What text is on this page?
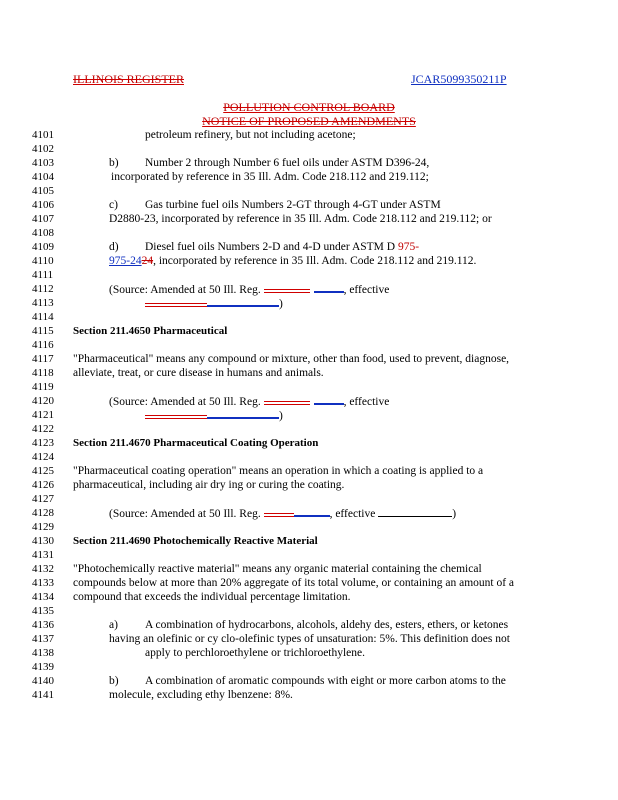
ILLINOIS REGISTER	JCAR5099350211P
POLLUTION CONTROL BOARD
NOTICE OF PROPOSED AMENDMENTS
4101
4102
4103
4104
4105
4106
4107
4108
4109
4110
4111
4112
4113
4114
4115
4116
4117
4118
4119
4120
4121
4122
4123
4124
4125
4126
4127
4128
4129
4130
4131
4132
4133
4134
4135
4136
4137
4138
4139
4140
4141
petroleum refinery, but not including acetone;
b) Number 2 through Number 6 fuel oils under ASTM D396-24,
incorporated by reference in 35 Ill. Adm. Code 218.112 and 219.112;
c) Gas turbine fuel oils Numbers 2-GT through 4-GT under ASTM
D2880-23, incorporated by reference in 35 Ill. Adm. Code 218.112 and 219.112; or
d) Diesel fuel oils Numbers 2-D and 4-D under ASTM D 975-
975-2424, incorporated by reference in 35 Ill. Adm. Code 218.112 and 219.112.
(Source: Amended at 50 Ill. Reg.	, effective
)
Section 211.4650 Pharmaceutical
"Pharmaceutical" means any compound or mixture, other than food, used to prevent, diagnose,
alleviate, treat, or cure disease in humans and animals.
(Source: Amended at 50 Ill. Reg.	, effective
)
Section 211.4670 Pharmaceutical Coating Operation
"Pharmaceutical coating operation" means an operation in which a coating is applied to a
pharmaceutical, including air dry ing or curing the coating.
(Source: Amended at 50 Ill. Reg.	, effective	)
Section 211.4690 Photochemically Reactive Material
"Photochemically reactive material" means any organic material containing the chemical
compounds below at more than 20% aggregate of its total volume, or containing an amount of a
compound that exceeds the individual percentage limitation.
a) A combination of hydrocarbons, alcohols, aldehy des, esters, ethers, or ketones
having an olefinic or cy clo-olefinic types of unsaturation: 5%. This definition does not
apply to perchloroethylene or trichloroethylene.
b) A combination of aromatic compounds with eight or more carbon atoms to the
molecule, excluding ethy lbenzene: 8%.
